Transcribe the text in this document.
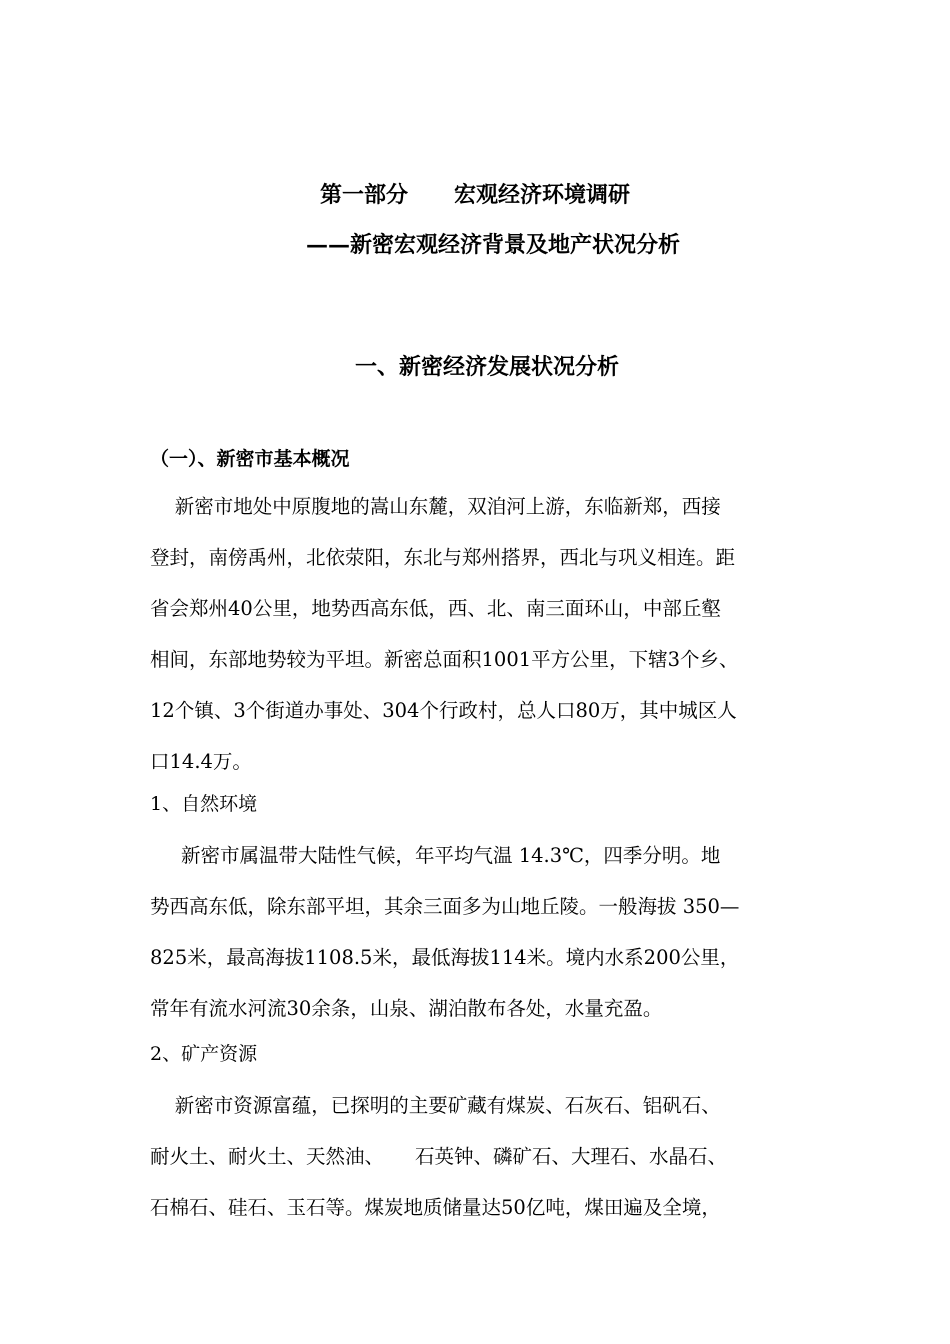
第一部分      宏观经济环境调研
——新密宏观经济背景及地产状况分析
一、新密经济发展状况分析
（一）、新密市基本概况
新密市地处中原腹地的嵩山东麓，双洎河上游，东临新郑，西接
登封，南傍禹州，北依荥阳，东北与郑州搭界，西北与巩义相连。距
省会郑州40公里，地势西高东低，西、北、南三面环山，中部丘壑
相间，东部地势较为平坦。新密总面积1001平方公里，下辖3个乡、
12个镇、3个街道办事处、304个行政村，总人口80万，其中城区人
口14.4万。
1、自然环境
新密市属温带大陆性气候，年平均气温 14.3℃，四季分明。地
势西高东低，除东部平坦，其余三面多为山地丘陵。一般海拔 350—
825米，最高海拔1108.5米，最低海拔114米。境内水系200公里，
常年有流水河流30余条，山泉、湖泊散布各处，水量充盈。
2、矿产资源
新密市资源富蕴，已探明的主要矿藏有煤炭、石灰石、铝矾石、
耐火土、耐火土、天然油、     石英钟、磷矿石、大理石、水晶石、
石棉石、硅石、玉石等。煤炭地质储量达50亿吨，煤田遍及全境，
